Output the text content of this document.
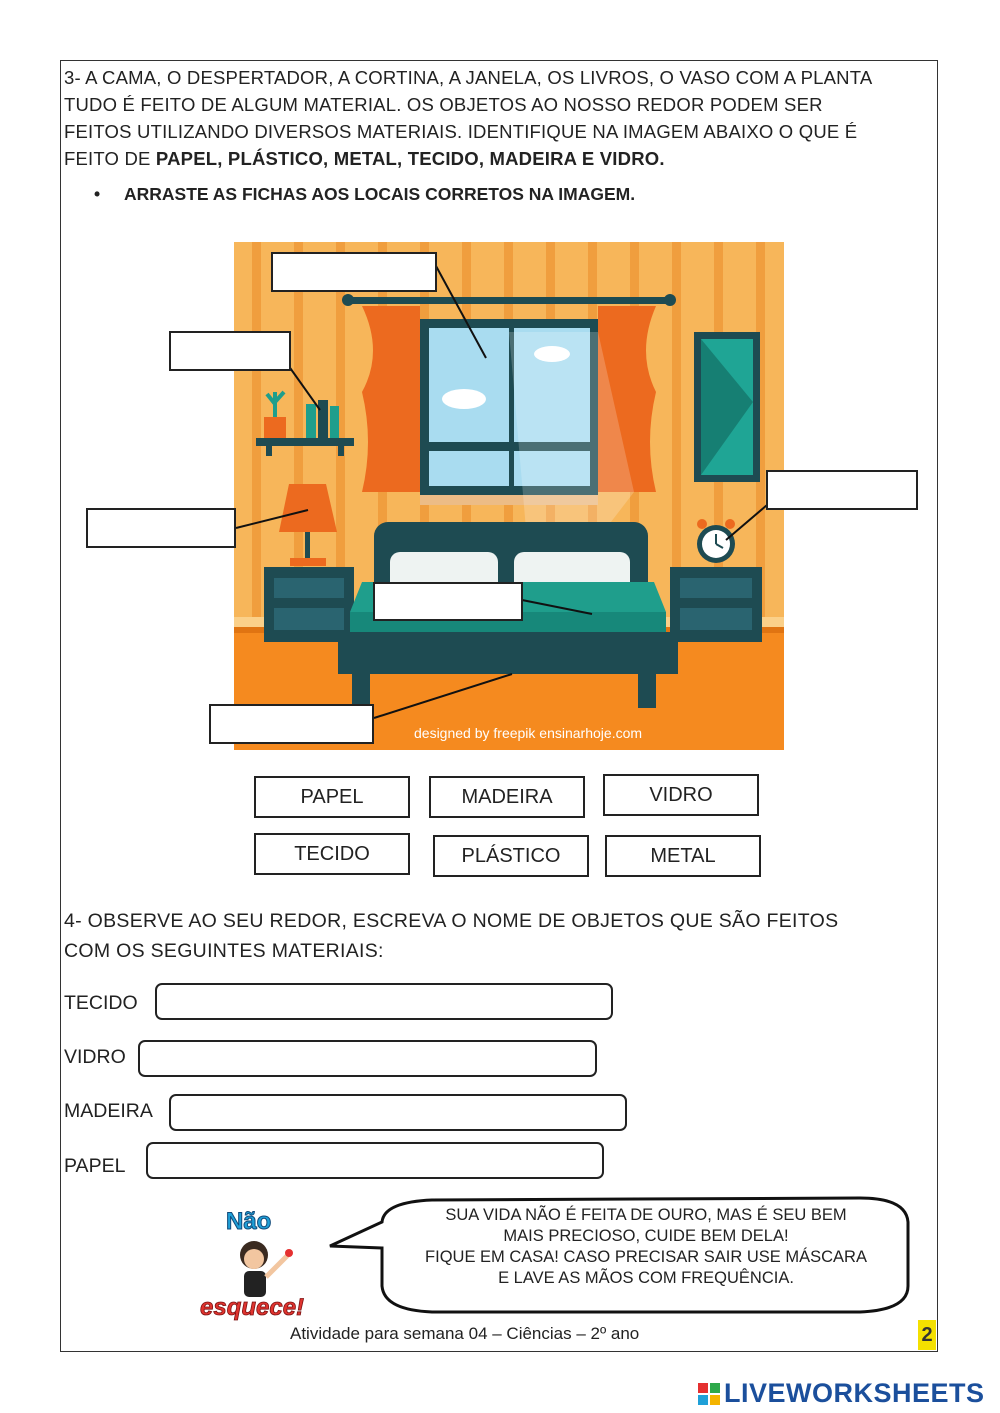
3- A CAMA, O DESPERTADOR, A CORTINA, A JANELA, OS LIVROS, O VASO COM A PLANTA
TUDO É FEITO DE ALGUM MATERIAL. OS OBJETOS AO NOSSO REDOR PODEM SER
FEITOS UTILIZANDO DIVERSOS MATERIAIS. IDENTIFIQUE NA IMAGEM ABAIXO O QUE É
FEITO DE PAPEL, PLÁSTICO, METAL, TECIDO, MADEIRA E VIDRO.
• ARRASTE AS FICHAS AOS LOCAIS CORRETOS NA IMAGEM.
designed by freepik ensinarhoje.com
PAPEL	MADEIRA	VIDRO
TECIDO	PLÁSTICO	METAL
4- OBSERVE AO SEU REDOR, ESCREVA O NOME DE OBJETOS QUE SÃO FEITOS
COM OS SEGUINTES MATERIAIS:
TECIDO
VIDRO
MADEIRA
PAPEL
Não
esquece!
SUA VIDA NÃO É FEITA DE OURO, MAS É SEU BEM
MAIS PRECIOSO, CUIDE BEM DELA!
FIQUE EM CASA! CASO PRECISAR SAIR USE MÁSCARA
E LAVE AS MÃOS COM FREQUÊNCIA.
Atividade para semana 04 – Ciências – 2º ano	2
LIVEWORKSHEETS
